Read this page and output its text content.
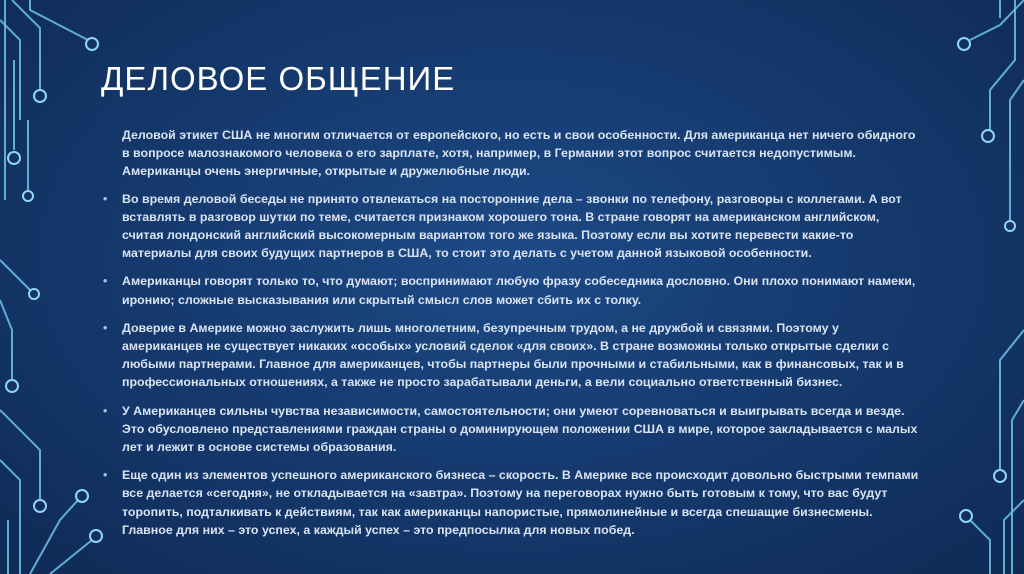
ДЕЛОВОЕ ОБЩЕНИЕ

Деловой этикет США не многим отличается от европейского, но есть и свои особенности. Для американца нет ничего обидного в вопросе малознакомого человека о его зарплате, хотя, например, в Германии этот вопрос считается недопустимым. Американцы очень энергичные, открытые и дружелюбные люди.

• Во время деловой беседы не принято отвлекаться на посторонние дела – звонки по телефону, разговоры с коллегами. А вот вставлять в разговор шутки по теме, считается признаком хорошего тона. В стране говорят на американском английском, считая лондонский английский высокомерным вариантом того же языка. Поэтому если вы хотите перевести какие-то материалы для своих будущих партнеров в США, то стоит это делать с учетом данной языковой особенности.
• Американцы говорят только то, что думают; воспринимают любую фразу собеседника дословно. Они плохо понимают намеки, иронию; сложные высказывания или скрытый смысл слов может сбить их с толку.
• Доверие в Америке можно заслужить лишь многолетним, безупречным трудом, а не дружбой и связями. Поэтому у американцев не существует никаких «особых» условий сделок «для своих». В стране возможны только открытые сделки с любыми партнерами. Главное для американцев, чтобы партнеры были прочными и стабильными, как в финансовых, так и в профессиональных отношениях, а также не просто зарабатывали деньги, а вели социально ответственный бизнес.
• У Американцев сильны чувства независимости, самостоятельности; они умеют соревноваться и выигрывать всегда и везде. Это обусловлено представлениями граждан страны о доминирующем положении США в мире, которое закладывается с малых лет и лежит в основе системы образования.
• Еще один из элементов успешного американского бизнеса – скорость. В Америке все происходит довольно быстрыми темпами все делается «сегодня», не откладывается на «завтра». Поэтому на переговорах нужно быть готовым к тому, что вас будут торопить, подталкивать к действиям, так как американцы напористые, прямолинейные и всегда спешащие бизнесмены. Главное для них – это успех, а каждый успех – это предпосылка для новых побед.
